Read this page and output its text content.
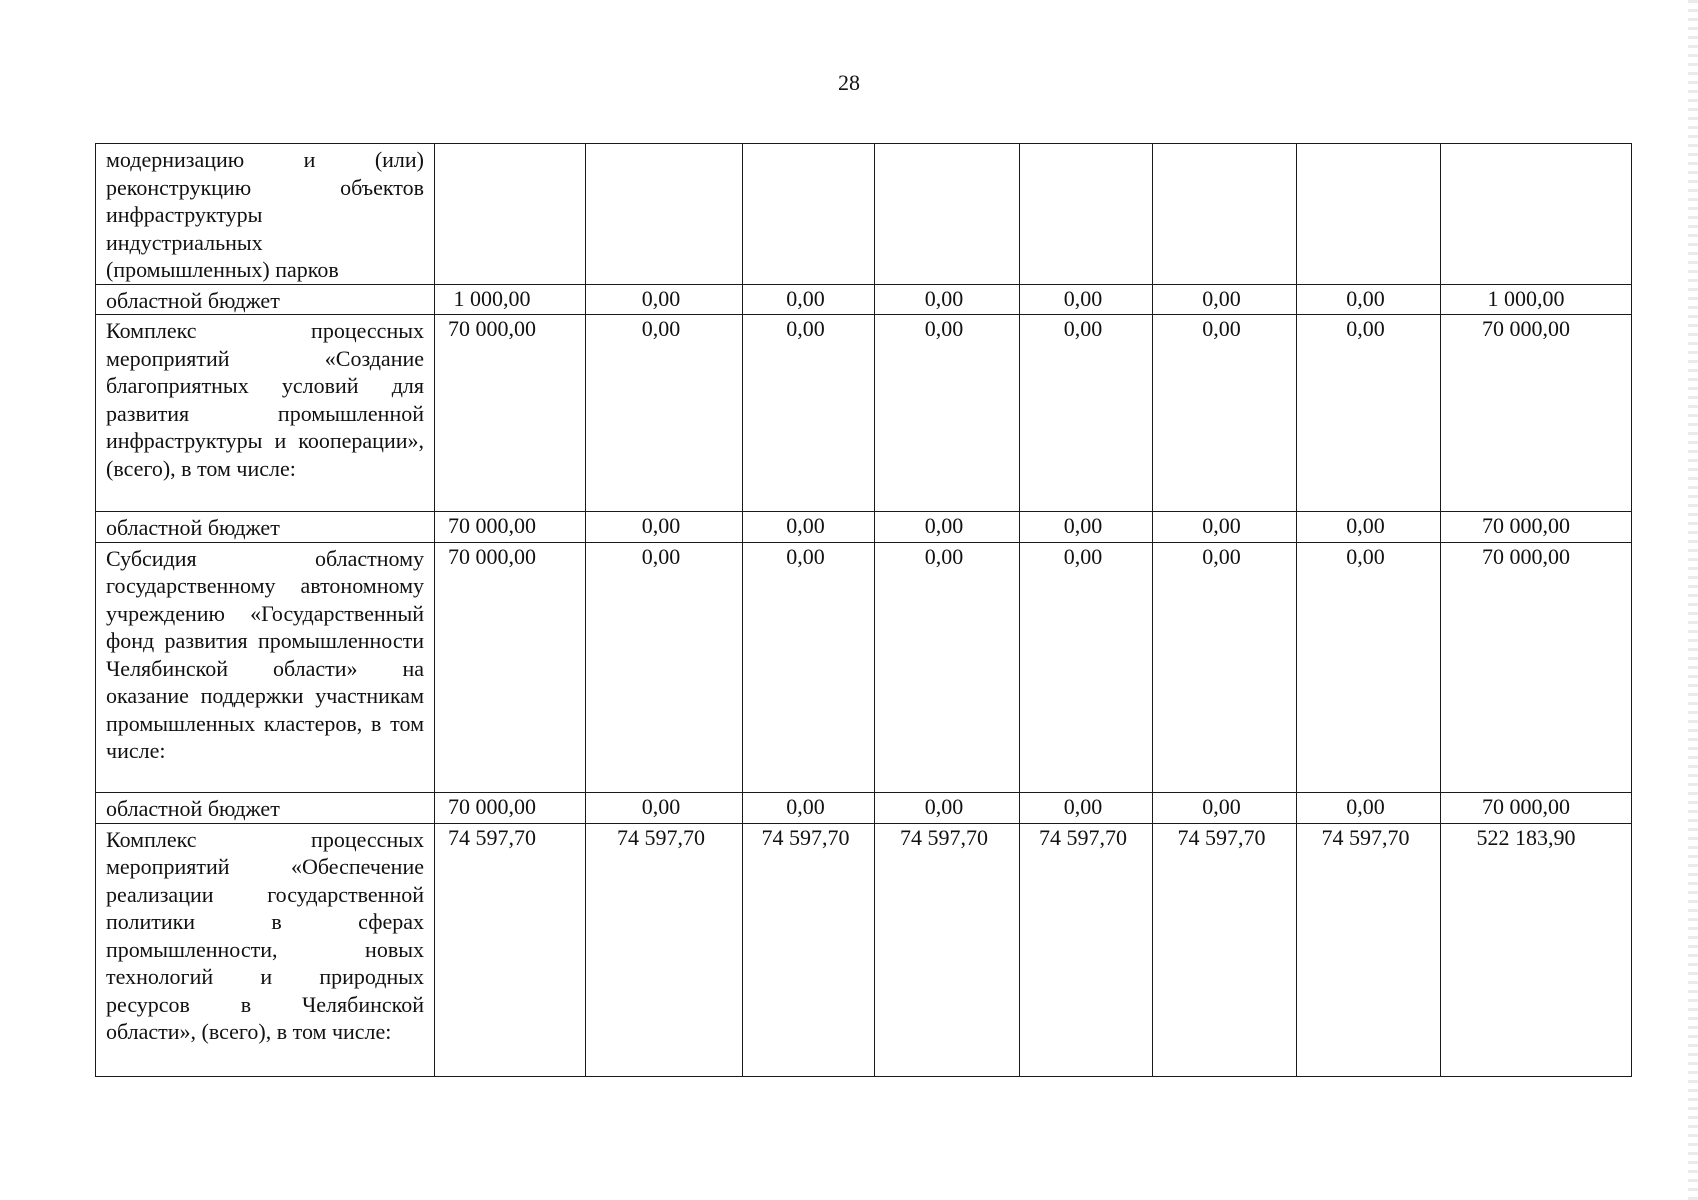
28
модернизацию и (или) реконструкцию объектов инфраструктуры индустриальных (промышленных) парков								
областной бюджет	1 000,00	0,00	0,00	0,00	0,00	0,00	0,00	1 000,00
Комплекс процессных мероприятий «Создание благоприятных условий для развития промышленной инфраструктуры и кооперации», (всего), в том числе:	70 000,00	0,00	0,00	0,00	0,00	0,00	0,00	70 000,00
областной бюджет	70 000,00	0,00	0,00	0,00	0,00	0,00	0,00	70 000,00
Субсидия областному государственному автономному учреждению «Государственный фонд развития промышленности Челябинской области» на оказание поддержки участникам промышленных кластеров, в том числе:	70 000,00	0,00	0,00	0,00	0,00	0,00	0,00	70 000,00
областной бюджет	70 000,00	0,00	0,00	0,00	0,00	0,00	0,00	70 000,00
Комплекс процессных мероприятий «Обеспечение реализации государственной политики в сферах промышленности, новых технологий и природных ресурсов в Челябинской области», (всего), в том числе:	74 597,70	74 597,70	74 597,70	74 597,70	74 597,70	74 597,70	74 597,70	522 183,90
